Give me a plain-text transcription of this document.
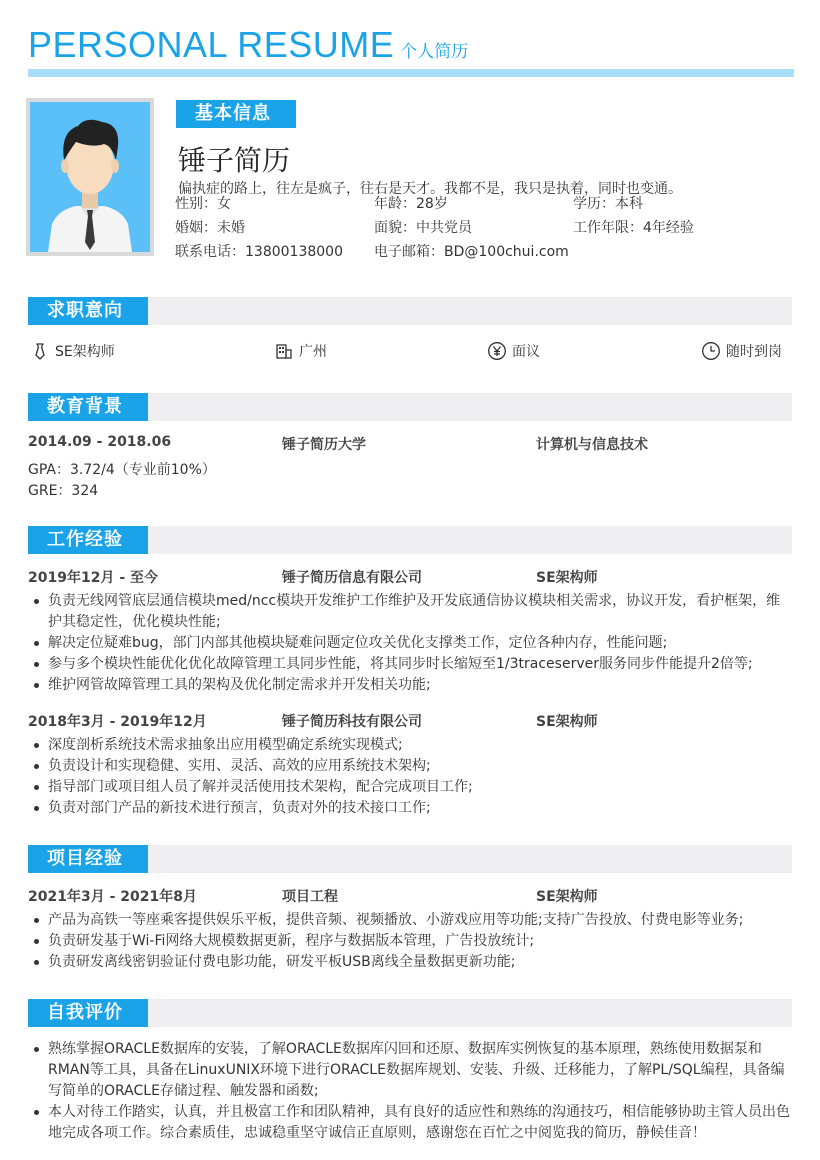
PERSONAL RESUME 个人简历
基本信息
锤子简历
偏执症的路上，往左是疯子，往右是天才。我都不是，我只是执着，同时也变通。
性别：女	年龄：28岁	学历：本科
婚姻：未婚	面貌：中共党员	工作年限：4年经验
联系电话：13800138000 电子邮箱：BD@100chui.com
求职意向
SE架构师	广州	面议	随时到岗
教育背景
2014.09 - 2018.06	锤子简历大学	计算机与信息技术
GPA：3.72/4（专业前10%）
GRE：324
工作经验
2019年12月 - 至今	锤子简历信息有限公司	SE架构师
负责无线网管底层通信模块med/ncc模块开发维护工作维护及开发底通信协议模块相关需求，协议开发，看护框架，维护其稳定性，优化模块性能;
解决定位疑难bug，部门内部其他模块疑难问题定位攻关优化支撑类工作，定位各种内存，性能问题;
参与多个模块性能优化优化故障管理工具同步性能，将其同步时长缩短至1/3traceserver服务同步件能提升2倍等;
维护网管故障管理工具的架构及优化制定需求并开发相关功能;
2018年3月 - 2019年12月	锤子简历科技有限公司	SE架构师
深度剖析系统技术需求抽象出应用模型确定系统实现模式;
负责设计和实现稳健、实用、灵活、高效的应用系统技术架构;
指导部门或项目组人员了解并灵活使用技术架构，配合完成项目工作;
负责对部门产品的新技术进行预言，负责对外的技术接口工作;
项目经验
2021年3月 - 2021年8月	项目工程	SE架构师
产品为高铁一等座乘客提供娱乐平板，提供音频、视频播放、小游戏应用等功能;支持广告投放、付费电影等业务;
负责研发基于Wi-Fi网络大规模数据更新，程序与数据版本管理，广告投放统计;
负责研发离线密钥验证付费电影功能，研发平板USB离线全量数据更新功能;
自我评价
熟练掌握ORACLE数据库的安装，了解ORACLE数据库闪回和还原、数据库实例恢复的基本原理，熟练使用数据泵和　RMAN等工具，具备在LinuxUNIX环境下进行ORACLE数据库规划、安装、升级、迁移能力，了解PL/SQL编程，具备编写简单的ORACLE存储过程、触发器和函数;
本人对待工作踏实，认真，并且极富工作和团队精神，具有良好的适应性和熟练的沟通技巧，相信能够协助主管人员出色地完成各项工作。综合素质佳，忠诚稳重坚守诚信正直原则，感谢您在百忙之中阅览我的简历，静候佳音！
